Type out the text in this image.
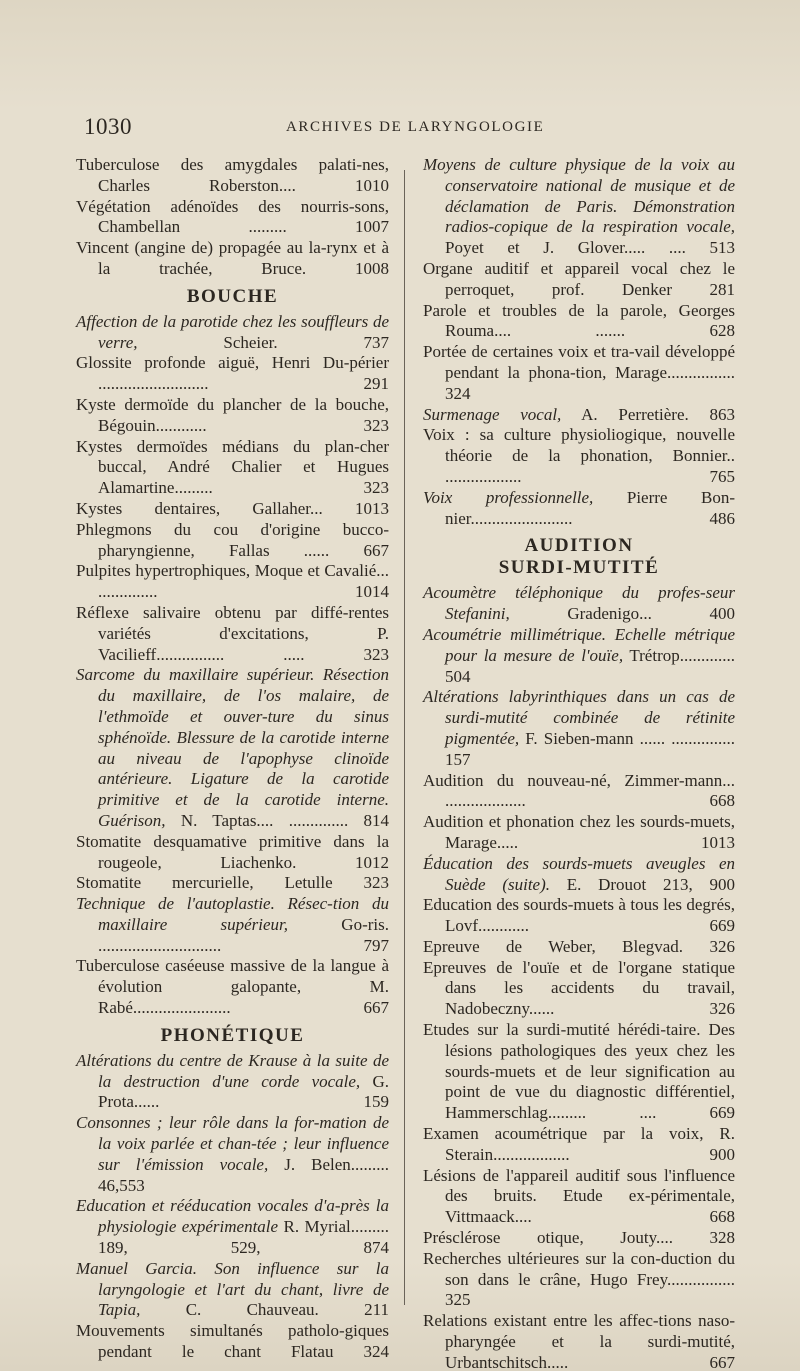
1030	ARCHIVES DE LARYNGOLOGIE
Tuberculose des amygdales palati-nes, Charles Roberston....	1010
Végétation adénoïdes des nourris-sons, Chambellan .........	1007
Vincent (angine de) propagée au la-rynx et à la trachée, Bruce.	1008
BOUCHE
Affection de la parotide chez les souffleurs de verre,	Scheier.	737
Glossite profonde aiguë, Henri Du-périer ..........................	291
Kyste dermoïde du plancher de la bouche, Bégouin............	323
Kystes dermoïdes médians du plan-cher buccal, André Chalier et Hugues Alamartine.........	323
Kystes dentaires, Gallaher... 1013
Phlegmons du cou d'origine bucco-pharyngienne, Fallas ...... 667
Pulpites hypertrophiques, Moque et Cavalié... ..............	1014
Réflexe salivaire obtenu par diffé-rentes variétés d'excitations, P. Vacilieff................ .....	323
Sarcome du maxillaire supérieur. Résection du maxillaire, de l'os malaire, de l'ethmoïde et ouver-ture du sinus sphénoïde. Blessure de la carotide interne au niveau de l'apophyse clinoïde antérieure. Ligature de la carotide primitive et de la carotide interne. Guérison, N. Taptas.... .............. 814
Stomatite desquamative primitive dans la rougeole, Liachenko.	1012
Stomatite mercurielle, Letulle 323
Technique de l'autoplastie. Résec-tion du maxillaire supérieur,	Go-ris. .............................	797
Tuberculose caséeuse massive de la langue à évolution galopante, M. Rabé.......................	667
PHONÉTIQUE
Altérations du centre de Krause à la suite de la destruction d'une corde vocale, G. Prota......	159
Consonnes ; leur rôle dans la for-mation de la voix parlée et chan-tée ; leur influence sur l'émission vocale, J. Belen......... 46,553
Education et rééducation vocales d'a-près la physiologie expérimentale R. Myrial......... 189, 529, 874
Manuel Garcia. Son influence sur la laryngologie et l'art du chant, livre de Tapia,	C. Chauveau.	211
Mouvements simultanés patholo-giques pendant le chant Flatau 324
Moyens de culture physique de la voix au conservatoire national de musique et de déclamation de Paris. Démonstration radios-copique de la respiration vocale, Poyet et J. Glover..... .... 513
Organe auditif et appareil vocal chez le perroquet, prof. Denker 281
Parole et troubles de la parole, Georges Rouma.... .......	628
Portée de certaines voix et tra-vail développé pendant la phona-tion, Marage................ 324
Surmenage vocal, A. Perretière. 863
Voix : sa culture physioliogique, nouvelle théorie de la phonation, Bonnier.. ..................	765
Voix professionnelle, Pierre Bon-nier........................	486
AUDITION
SURDI-MUTITÉ
Acoumètre téléphonique du profes-seur Stefanini,	Gradenigo...	400
Acoumétrie millimétrique. Echelle métrique pour la mesure de l'ouïe, Trétrop............. 504
Altérations labyrinthiques dans un cas de surdi-mutité combinée de rétinite pigmentée, F. Sieben-mann ...... ............... 157
Audition du nouveau-né, Zimmer-mann... ...................	668
Audition et phonation chez les sourds-muets, Marage.....	1013
Éducation des sourds-muets aveugles en Suède (suite). E. Drouot 213, 900
Education des sourds-muets à tous les degrés, Lovf............	669
Epreuve de Weber, Blegvad. 326
Epreuves de l'ouïe et de l'organe statique dans les accidents du travail, Nadobeczny......	326
Etudes sur la surdi-mutité hérédi-taire. Des lésions pathologiques des yeux chez les sourds-muets et de leur signification au point de vue du diagnostic différentiel, Hammerschlag......... ....	669
Examen acoumétrique par la voix, R. Sterain..................	900
Lésions de l'appareil auditif sous l'influence des bruits. Etude ex-périmentale, Vittmaack....	668
Présclérose otique, Jouty.... 328
Recherches ultérieures sur la con-duction du son dans le crâne, Hugo Frey................ 325
Relations existant entre les affec-tions naso-pharyngée et la surdi-mutité, Urbantschitsch.....	667
